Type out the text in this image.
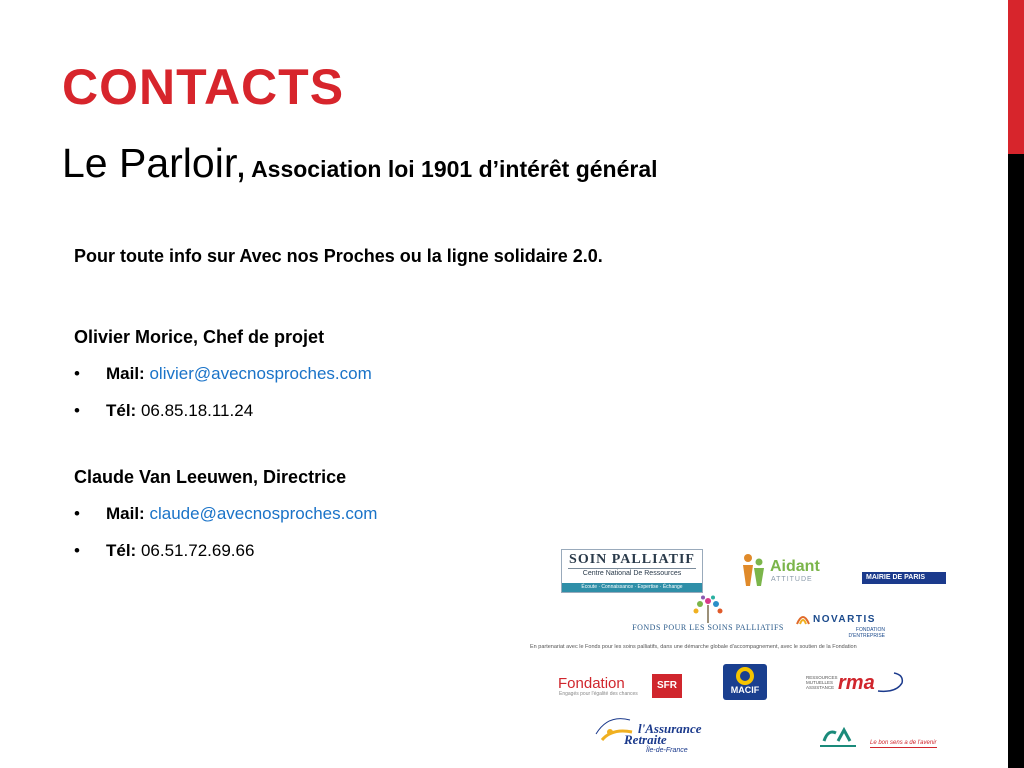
CONTACTS
Le Parloir, Association loi 1901 d’intérêt général

Pour toute info sur Avec nos Proches ou la ligne solidaire 2.0.

Olivier Morice, Chef de projet

• Mail: olivier@avecnosproches.com
• Tél: 06.85.18.11.24

Claude Van Leeuwen, Directrice

• Mail: claude@avecnosproches.com
• Tél: 06.51.72.69.66	SOIN PALLIATIF
Centre National De Ressources
Écoute · Connaissance · Expertise · Échange
Aidant
ATTITUDE	MAIRIE DE PARIS
FONDS POUR LES SOINS PALLIATIFS
NOVARTIS
FONDATION D'ENTREPRISE
En partenariat avec le Fonds pour les soins palliatifs, dans une démarche globale d'accompagnement, avec le soutien de la Fondation
Fondation
Engagés pour l'égalité des chances
SFR	MACIF
RESSOURCES MUTUELLES ASSISTANCE rma
l'Assurance
Retraite
Île-de-France
Le bon sens a de l'avenir
